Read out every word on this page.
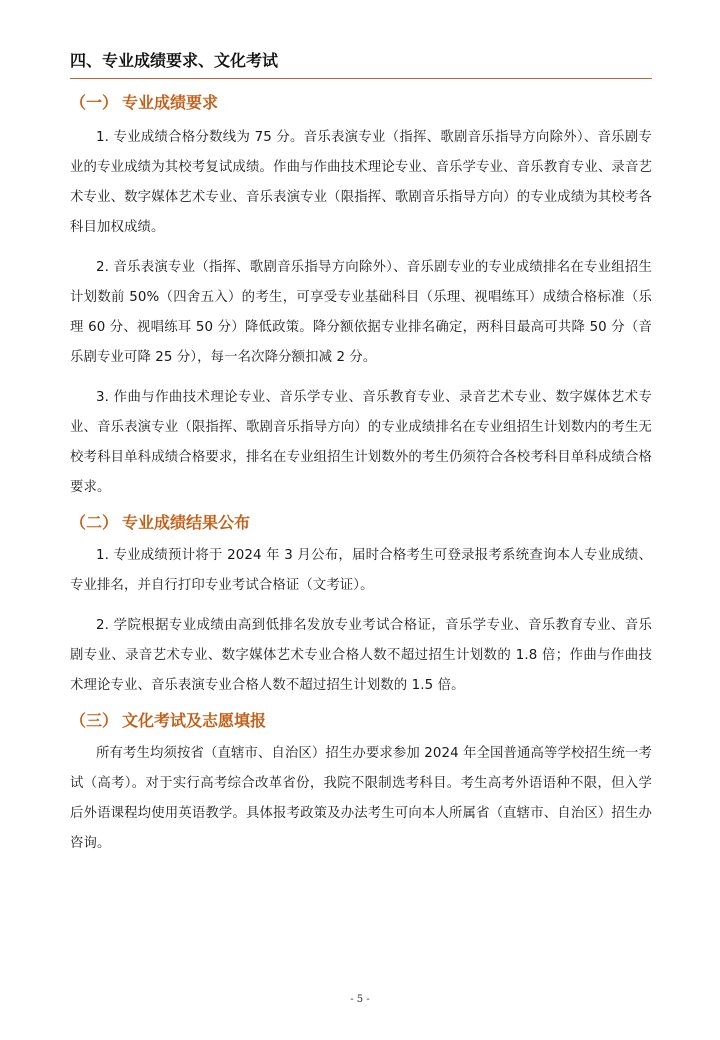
四、专业成绩要求、文化考试
（一） 专业成绩要求

1. 专业成绩合格分数线为 75 分。音乐表演专业（指挥、歌剧音乐指导方向除外）、音乐剧专业的专业成绩为其校考复试成绩。作曲与作曲技术理论专业、音乐学专业、音乐教育专业、录音艺术专业、数字媒体艺术专业、音乐表演专业（限指挥、歌剧音乐指导方向）的专业成绩为其校考各科目加权成绩。

2. 音乐表演专业（指挥、歌剧音乐指导方向除外）、音乐剧专业的专业成绩排名在专业组招生计划数前 50%（四舍五入）的考生，可享受专业基础科目（乐理、视唱练耳）成绩合格标准（乐理 60 分、视唱练耳 50 分）降低政策。降分额依据专业排名确定，两科目最高可共降 50 分（音乐剧专业可降 25 分），每一名次降分额扣减 2 分。

3. 作曲与作曲技术理论专业、音乐学专业、音乐教育专业、录音艺术专业、数字媒体艺术专业、音乐表演专业（限指挥、歌剧音乐指导方向）的专业成绩排名在专业组招生计划数内的考生无校考科目单科成绩合格要求，排名在专业组招生计划数外的考生仍须符合各校考科目单科成绩合格要求。

（二） 专业成绩结果公布

1. 专业成绩预计将于 2024 年 3 月公布，届时合格考生可登录报考系统查询本人专业成绩、专业排名，并自行打印专业考试合格证（文考证）。

2. 学院根据专业成绩由高到低排名发放专业考试合格证，音乐学专业、音乐教育专业、音乐剧专业、录音艺术专业、数字媒体艺术专业合格人数不超过招生计划数的 1.8 倍；作曲与作曲技术理论专业、音乐表演专业合格人数不超过招生计划数的 1.5 倍。

（三） 文化考试及志愿填报

所有考生均须按省（直辖市、自治区）招生办要求参加 2024 年全国普通高等学校招生统一考试（高考）。对于实行高考综合改革省份，我院不限制选考科目。考生高考外语语种不限，但入学后外语课程均使用英语教学。具体报考政策及办法考生可向本人所属省（直辖市、自治区）招生办咨询。

- 5 -
